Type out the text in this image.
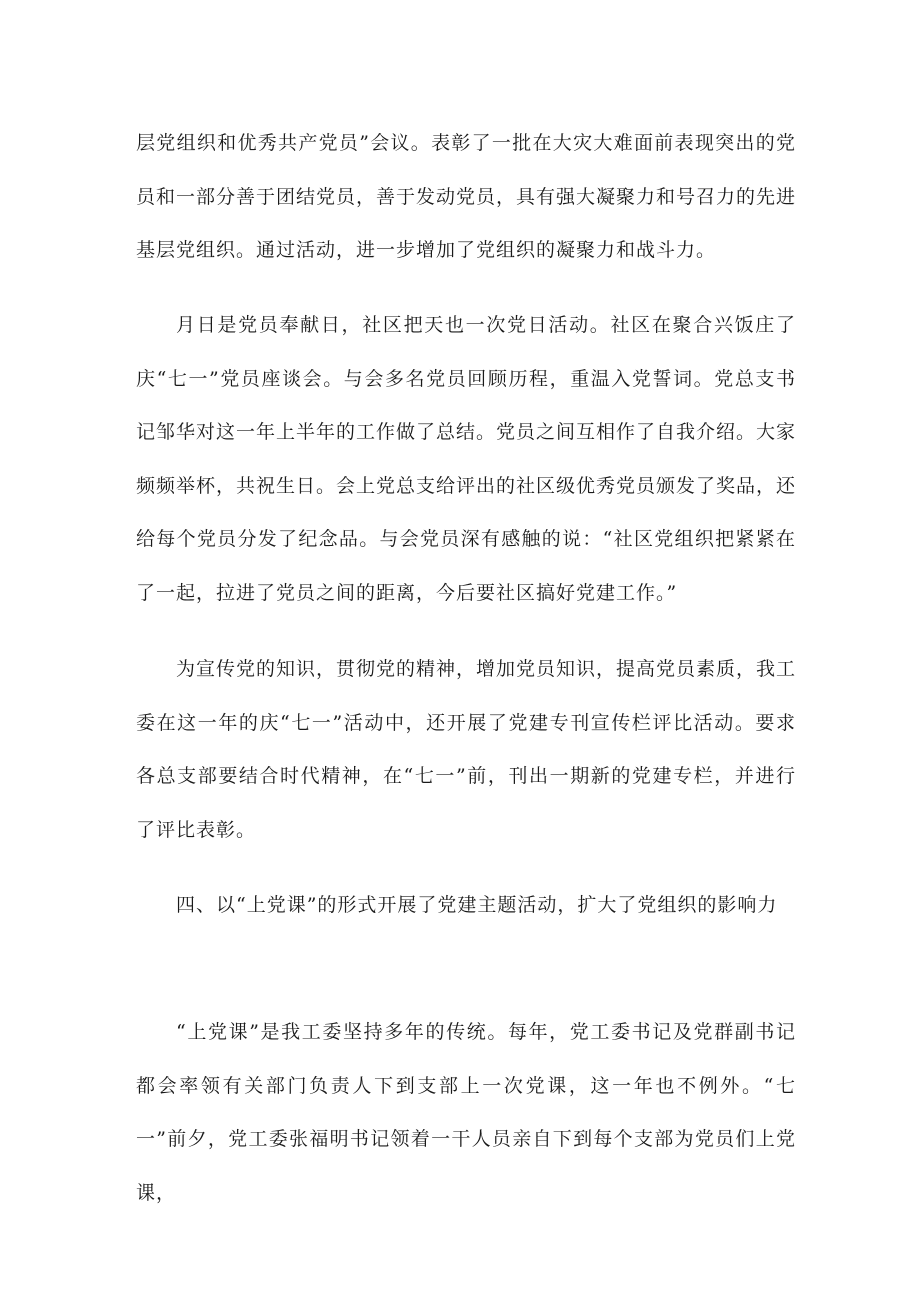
层党组织和优秀共产党员”会议。表彰了一批在大灾大难面前表现突出的党员和一部分善于团结党员，善于发动党员，具有强大凝聚力和号召力的先进基层党组织。通过活动，进一步增加了党组织的凝聚力和战斗力。

月日是党员奉献日，社区把天也一次党日活动。社区在聚合兴饭庄了庆“七一”党员座谈会。与会多名党员回顾历程，重温入党誓词。党总支书记邹华对这一年上半年的工作做了总结。党员之间互相作了自我介绍。大家频频举杯，共祝生日。会上党总支给评出的社区级优秀党员颁发了奖品，还给每个党员分发了纪念品。与会党员深有感触的说：“社区党组织把紧紧在了一起，拉进了党员之间的距离，今后要社区搞好党建工作。”

为宣传党的知识，贯彻党的精神，增加党员知识，提高党员素质，我工委在这一年的庆“七一”活动中，还开展了党建专刊宣传栏评比活动。要求各总支部要结合时代精神，在“七一”前，刊出一期新的党建专栏，并进行了评比表彰。

四、以“上党课”的形式开展了党建主题活动，扩大了党组织的影响力

“上党课”是我工委坚持多年的传统。每年，党工委书记及党群副书记都会率领有关部门负责人下到支部上一次党课，这一年也不例外。“七一”前夕，党工委张福明书记领着一干人员亲自下到每个支部为党员们上党课，
